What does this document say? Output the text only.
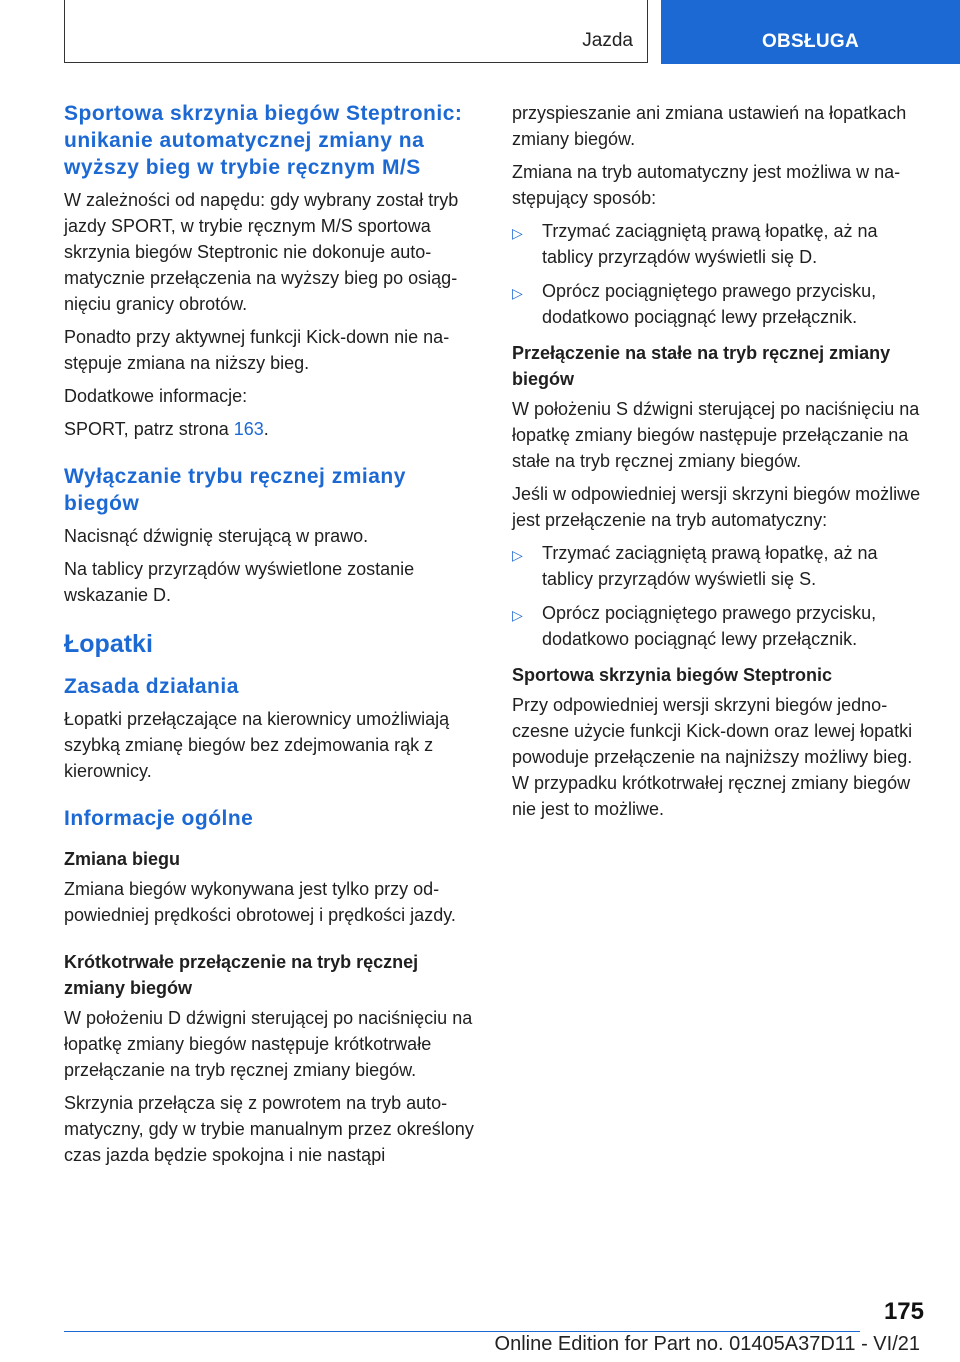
Jazda	OBSŁUGA
Sportowa skrzynia biegów Steptronic: unikanie automatycznej zmiany na wyższy bieg w trybie ręcznym M/S

W zależności od napędu: gdy wybrany został tryb jazdy SPORT, w trybie ręcznym M/S sportowa skrzynia biegów Steptronic nie dokonuje automatycznie przełączenia na wyższy bieg po osiągnięciu granicy obrotów.

Ponadto przy aktywnej funkcji Kick-down nie następuje zmiana na niższy bieg.

Dodatkowe informacje:

SPORT, patrz strona 163.

Wyłączanie trybu ręcznej zmiany biegów

Nacisnąć dźwignię sterującą w prawo.

Na tablicy przyrządów wyświetlone zostanie wskazanie D.

Łopatki
Zasada działania

Łopatki przełączające na kierownicy umożliwiają szybką zmianę biegów bez zdejmowania rąk z kierownicy.

Informacje ogólne
Zmiana biegu

Zmiana biegów wykonywana jest tylko przy odpowiedniej prędkości obrotowej i prędkości jazdy.

Krótkotrwałe przełączenie na tryb ręcznej zmiany biegów

W położeniu D dźwigni sterującej po naciśnięciu na łopatkę zmiany biegów następuje krótkotrwałe przełączanie na tryb ręcznej zmiany biegów.

Skrzynia przełącza się z powrotem na tryb automatyczny, gdy w trybie manualnym przez określony czas jazda będzie spokojna i nie nastąpi

przyspieszanie ani zmiana ustawień na łopatkach zmiany biegów.

Zmiana na tryb automatyczny jest możliwa w następujący sposób:

▷ Trzymać zaciągniętą prawą łopatkę, aż na tablicy przyrządów wyświetli się D.
▷ Oprócz pociągniętego prawego przycisku, dodatkowo pociągnąć lewy przełącznik.
Przełączenie na stałe na tryb ręcznej zmiany biegów

W położeniu S dźwigni sterującej po naciśnięciu na łopatkę zmiany biegów następuje przełączanie na stałe na tryb ręcznej zmiany biegów.

Jeśli w odpowiedniej wersji skrzyni biegów możliwe jest przełączenie na tryb automatyczny:

▷ Trzymać zaciągniętą prawą łopatkę, aż na tablicy przyrządów wyświetli się S.
▷ Oprócz pociągniętego prawego przycisku, dodatkowo pociągnąć lewy przełącznik.
Sportowa skrzynia biegów Steptronic

Przy odpowiedniej wersji skrzyni biegów jednoczesne użycie funkcji Kick-down oraz lewej łopatki powoduje przełączenie na najniższy możliwy bieg. W przypadku krótkotrwałej ręcznej zmiany biegów nie jest to możliwe.

175
Online Edition for Part no. 01405A37D11 - VI/21
